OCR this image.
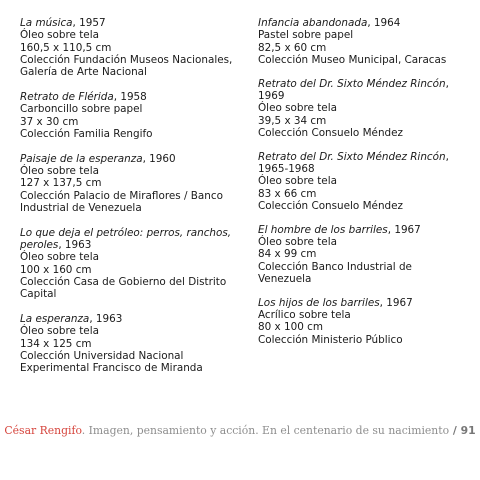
La música, 1957
Óleo sobre tela
160,5 x 110,5 cm
Colección Fundación Museos Nacionales, Galería de Arte Nacional
Retrato de Flérida, 1958
Carboncillo sobre papel
37 x 30 cm
Colección Familia Rengifo
Paisaje de la esperanza, 1960
Óleo sobre tela
127 x 137,5 cm
Colección Palacio de Miraflores / Banco Industrial de Venezuela
Lo que deja el petróleo: perros, ranchos, peroles, 1963
Óleo sobre tela
100 x 160 cm
Colección Casa de Gobierno del Distrito Capital
La esperanza, 1963
Óleo sobre tela
134 x 125 cm
Colección Universidad Nacional Experimental Francisco de Miranda
Infancia abandonada, 1964
Pastel sobre papel
82,5 x 60 cm
Colección Museo Municipal, Caracas
Retrato del Dr. Sixto Méndez Rincón, 1969
Óleo sobre tela
39,5 x 34 cm
Colección Consuelo Méndez
Retrato del Dr. Sixto Méndez Rincón, 1965-1968
Óleo sobre tela
83 x 66 cm
Colección Consuelo Méndez
El hombre de los barriles, 1967
Óleo sobre tela
84 x 99 cm
Colección Banco Industrial de Venezuela
Los hijos de los barriles, 1967
Acrílico sobre tela
80 x 100 cm
Colección Ministerio Público
César Rengifo. Imagen, pensamiento y acción. En el centenario de su nacimiento / 91
